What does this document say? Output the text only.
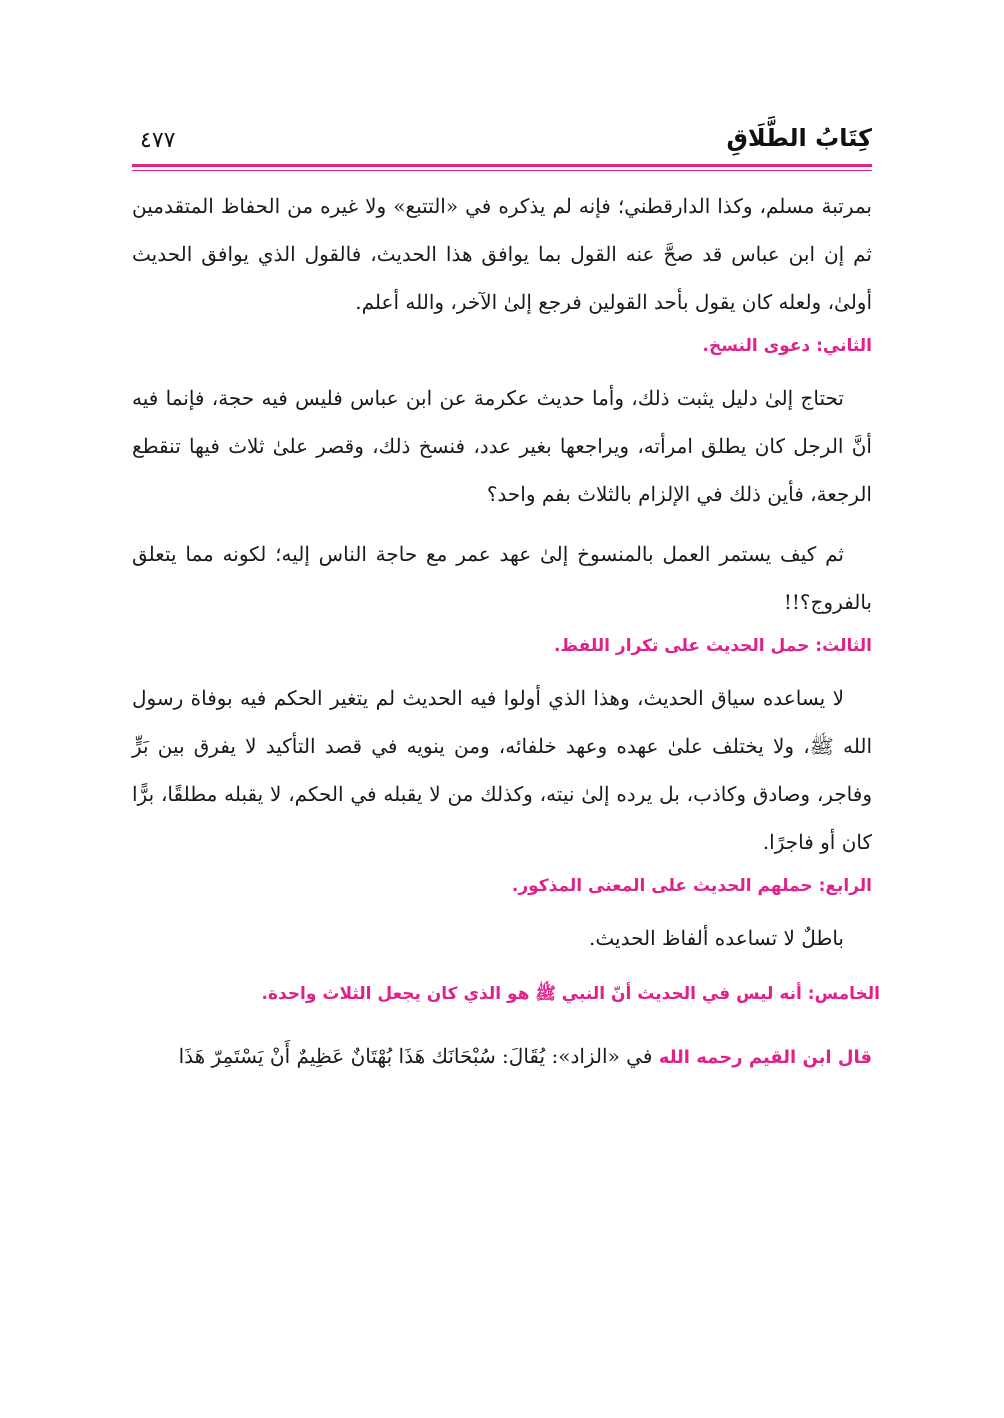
كِتَابُ الطَّلَاقِ
٤٧٧

بمرتبة مسلم، وكذا الدارقطني؛ فإنه لم يذكره في «التتبع» ولا غيره من الحفاظ المتقدمين ثم إن ابن عباس قد صحَّ عنه القول بما يوافق هذا الحديث، فالقول الذي يوافق الحديث أولىٰ، ولعله كان يقول بأحد القولين فرجع إلىٰ الآخر، والله أعلم.

الثاني: دعوى النسخ.

تحتاج إلىٰ دليل يثبت ذلك، وأما حديث عكرمة عن ابن عباس فليس فيه حجة، فإنما فيه أنَّ الرجل كان يطلق امرأته، ويراجعها بغير عدد، فنسخ ذلك، وقصر علىٰ ثلاث فيها تنقطع الرجعة، فأين ذلك في الإلزام بالثلاث بفم واحد؟

ثم كيف يستمر العمل بالمنسوخ إلىٰ عهد عمر مع حاجة الناس إليه؛ لكونه مما يتعلق بالفروج؟!!

الثالث: حمل الحديث على تكرار اللفظ.

لا يساعده سياق الحديث، وهذا الذي أولوا فيه الحديث لم يتغير الحكم فيه بوفاة رسول الله ﷺ، ولا يختلف علىٰ عهده وعهد خلفائه، ومن ينويه في قصد التأكيد لا يفرق بين بَرٍّ وفاجر، وصادق وكاذب، بل يرده إلىٰ نيته، وكذلك من لا يقبله في الحكم، لا يقبله مطلقًا، برًّا كان أو فاجرًا.

الرابع: حملهم الحديث على المعنى المذكور.

باطلٌ لا تساعده ألفاظ الحديث.

الخامس: أنه ليس في الحديث أنّ النبي ﷺ هو الذي كان يجعل الثلاث واحدة.

قال ابن القيم رحمه الله في «الزاد»: يُقَالَ: سُبْحَانَك هَذَا بُهْتَانٌ عَظِيمٌ أَنْ يَسْتَمِرّ هَذَا
